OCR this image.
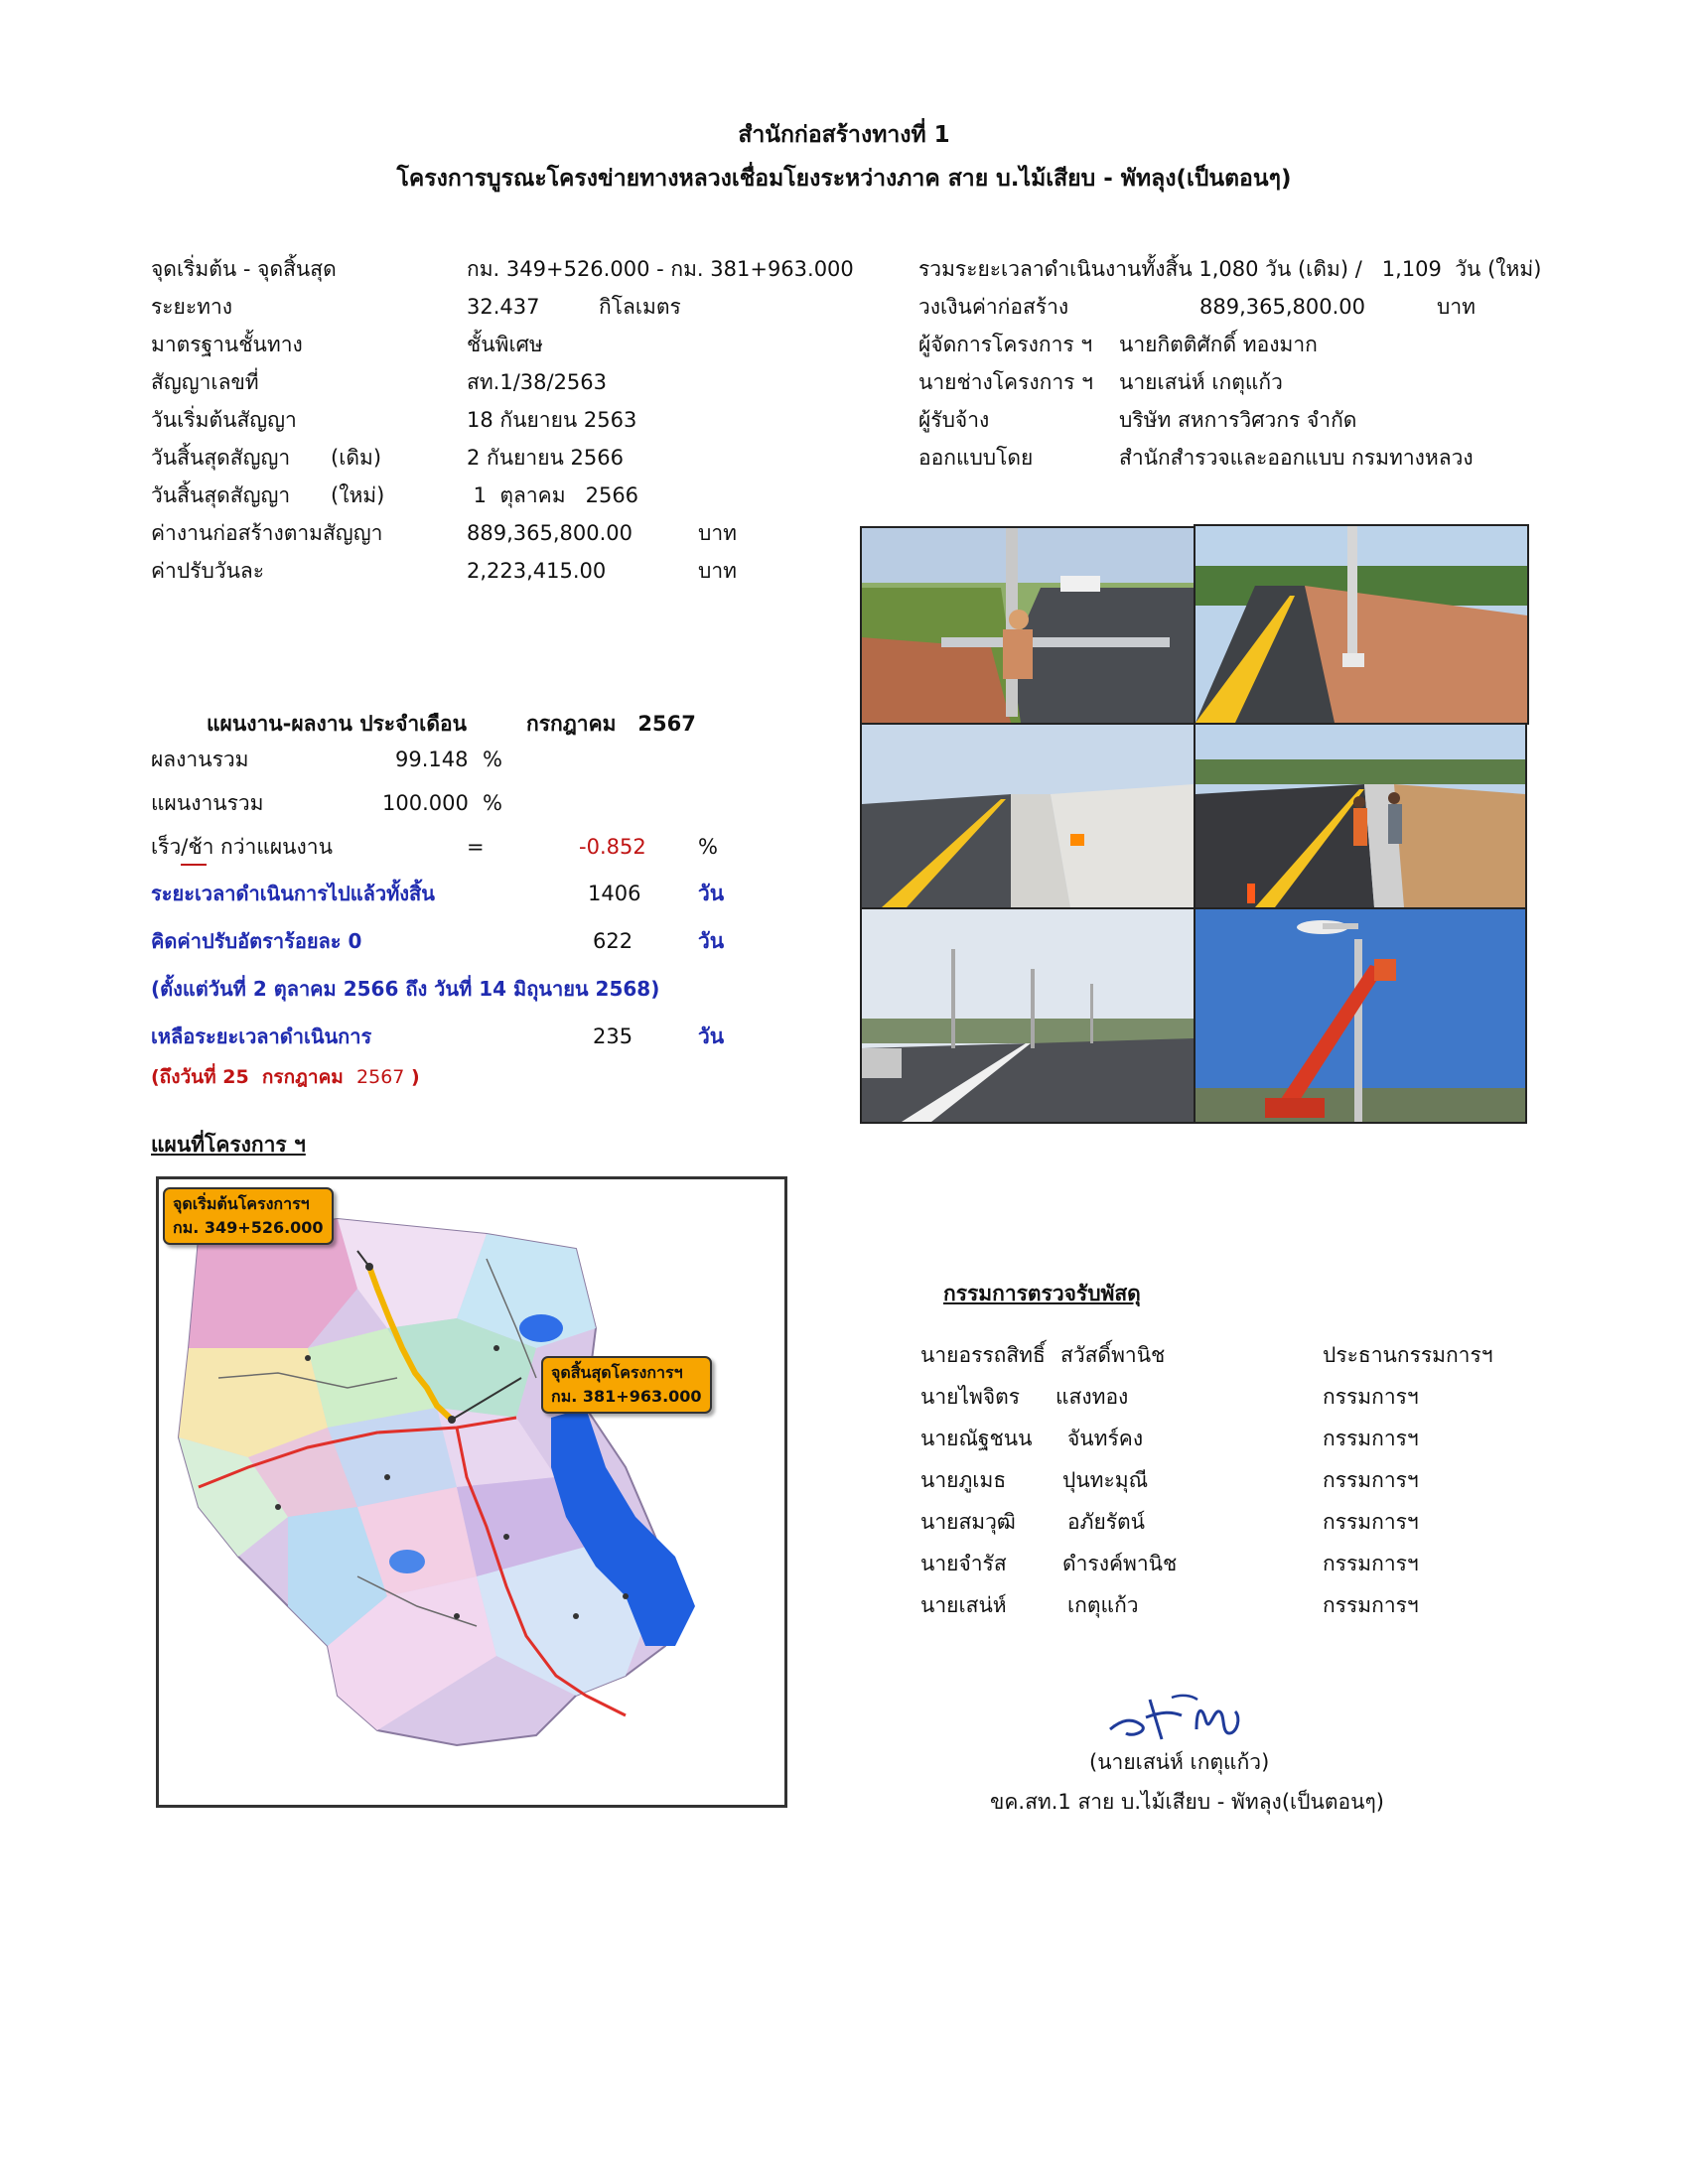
สำนักก่อสร้างทางที่ 1
โครงการบูรณะโครงข่ายทางหลวงเชื่อมโยงระหว่างภาค สาย บ.ไม้เสียบ - พัทลุง(เป็นตอนๆ)
จุดเริ่มต้น - จุดสิ้นสุด	กม. 349+526.000 - กม. 381+963.000
ระยะทาง	32.437	กิโลเมตร
มาตรฐานชั้นทาง	ชั้นพิเศษ
สัญญาเลขที่	สท.1/38/2563
วันเริ่มต้นสัญญา	18 กันยายน 2563
วันสิ้นสุดสัญญา (เดิม)	2 กันยายน 2566
วันสิ้นสุดสัญญา (ใหม่)	1  ตุลาคม   2566
ค่างานก่อสร้างตามสัญญา	889,365,800.00	บาท
ค่าปรับวันละ	2,223,415.00	บาท
รวมระยะเวลาดำเนินงานทั้งสิ้น 1,080 วัน (เดิม) /   1,109  วัน (ใหม่)
วงเงินค่าก่อสร้าง	889,365,800.00	บาท
ผู้จัดการโครงการ ฯ นายกิตติศักดิ์ ทองมาก
นายช่างโครงการ ฯ นายเสน่ห์ เกตุแก้ว
ผู้รับจ้าง	บริษัท สหการวิศวกร จำกัด
ออกแบบโดย	สำนักสำรวจและออกแบบ กรมทางหลวง
แผนงาน-ผลงาน ประจำเดือน	กรกฎาคม   2567
ผลงานรวม	99.148 %
แผนงานรวม	100.000 %
เร็ว/ช้า กว่าแผนงาน	=	-0.852 %
ระยะเวลาดำเนินการไปแล้วทั้งสิ้น	1406	วัน
คิดค่าปรับอัตราร้อยละ 0	622	วัน
(ตั้งแต่วันที่ 2 ตุลาคม 2566 ถึง วันที่ 14 มิถุนายน 2568)
เหลือระยะเวลาดำเนินการ	235	วัน
(ถึงวันที่ 25  กรกฎาคม  2567 )
แผนที่โครงการ ฯ
จุดเริ่มต้นโครงการฯ
กม. 349+526.000
จุดสิ้นสุดโครงการฯ
กม. 381+963.000
กรรมการตรวจรับพัสดุ
นายอรรถสิทธิ์ สวัสดิ์พานิช	ประธานกรรมการฯ
นายไพจิตร แสงทอง	กรรมการฯ
นายณัฐชนน จันทร์คง	กรรมการฯ
นายภูเมธ	ปุนทะมุณี	กรรมการฯ
นายสมวุฒิ อภัยรัตน์	กรรมการฯ
นายจำรัส	ดำรงค์พานิช	กรรมการฯ
นายเสน่ห์	เกตุแก้ว	กรรมการฯ
(นายเสน่ห์ เกตุแก้ว)
ขค.สท.1 สาย บ.ไม้เสียบ - พัทลุง(เป็นตอนๆ)
